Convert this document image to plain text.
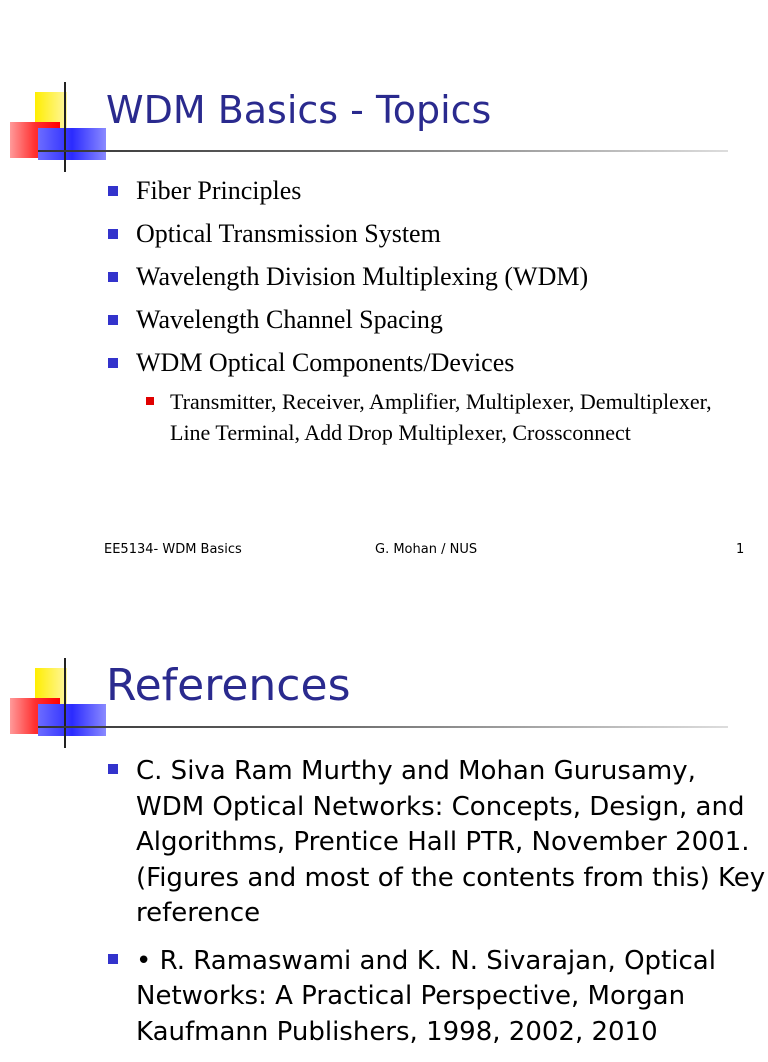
WDM Basics - Topics
Fiber Principles
Optical Transmission System
Wavelength Division Multiplexing (WDM)
Wavelength Channel Spacing
WDM Optical Components/Devices
Transmitter, Receiver, Amplifier, Multiplexer, Demultiplexer, Line Terminal, Add Drop Multiplexer, Crossconnect
EE5134- WDM Basics	G. Mohan / NUS	1
References
C. Siva Ram Murthy and Mohan Gurusamy, WDM Optical Networks: Concepts, Design, and Algorithms, Prentice Hall PTR, November 2001. (Figures and most of the contents from this) Key reference
• R. Ramaswami and K. N. Sivarajan, Optical Networks: A Practical Perspective, Morgan Kaufmann Publishers, 1998, 2002, 2010
